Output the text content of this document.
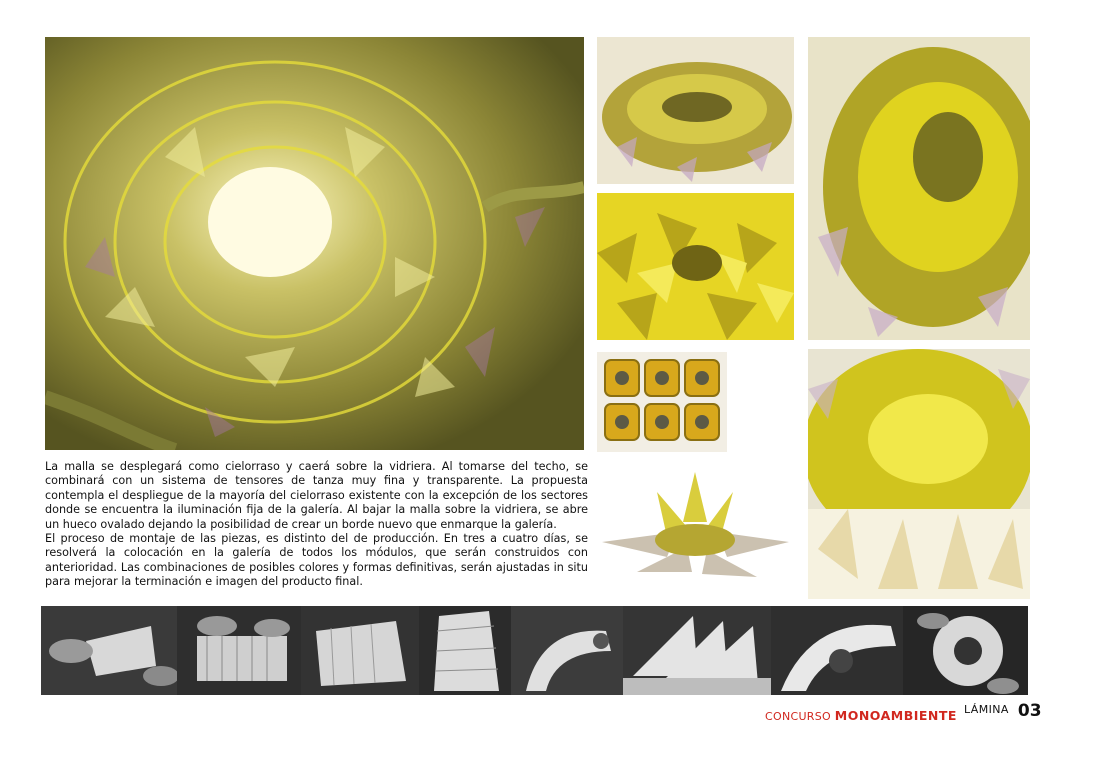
La malla se desplegará como cielorraso y caerá sobre la vidriera. Al tomarse del techo, se combinará con un sistema de tensores de tanza muy fina y transparente. La propuesta contempla el despliegue de la mayoría del cielorraso existente con la excepción de los sectores donde se encuentra la iluminación fija de la galería. Al bajar la malla sobre la vidriera, se abre un hueco ovalado dejando la posibilidad de crear un borde nuevo que enmarque la galería.

El proceso de montaje de las piezas, es distinto del de producción. En tres a cuatro días, se resolverá la colocación en la galería de todos los módulos, que serán construidos con anterioridad. Las combinaciones de posibles colores y formas definitivas, serán ajustadas in situ para mejorar la terminación e imagen del producto final.

CONCURSO MONOAMBIENTE LÁMINA 03
